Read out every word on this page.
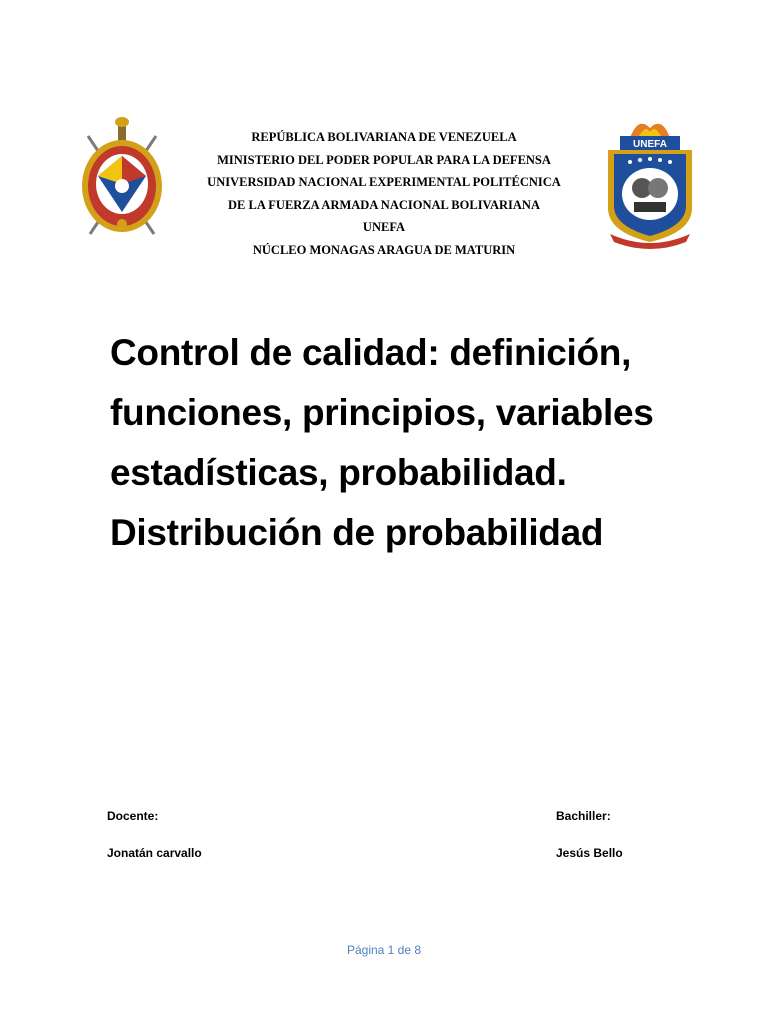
REPÚBLICA BOLIVARIANA DE VENEZUELA
MINISTERIO DEL PODER POPULAR PARA LA DEFENSA
UNIVERSIDAD NACIONAL EXPERIMENTAL POLITÉCNICA
DE LA FUERZA ARMADA NACIONAL BOLIVARIANA
UNEFA
NÚCLEO MONAGAS ARAGUA DE MATURIN
UNEFA
Control de calidad: definición,
funciones, principios, variables
estadísticas, probabilidad.
Distribución de probabilidad
Docente:
Jonatán carvallo
Bachiller:
Jesús Bello
Página 1 de 8
